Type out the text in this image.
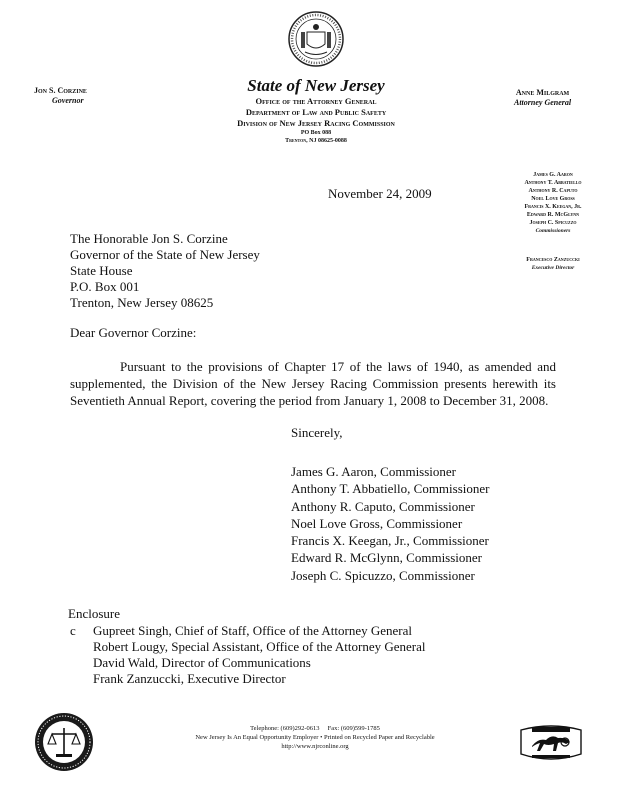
Jon S. Corzine
Governor
Anne Milgram
Attorney General
State of New Jersey
Office of the Attorney General
Department of Law and Public Safety
Division of New Jersey Racing Commission
PO Box 088
Trenton, NJ 08625-0088
James G. Aaron
Anthony T. Abbatiello
Anthony R. Caputo
Noel Love Gross
Francis X. Keegan, Jr.
Edward R. McGlynn
Joseph C. Spicuzzo
Commissioners
Francesco Zanzuccki
Executive Director
November 24, 2009
The Honorable Jon S. Corzine
Governor of the State of New Jersey
State House
P.O. Box 001
Trenton, New Jersey 08625
Dear Governor Corzine:
Pursuant to the provisions of Chapter 17 of the laws of 1940, as amended and supplemented, the Division of the New Jersey Racing Commission presents herewith its Seventieth Annual Report, covering the period from January 1, 2008 to December 31, 2008.
Sincerely,
James G. Aaron, Commissioner
Anthony T. Abbatiello, Commissioner
Anthony R. Caputo, Commissioner
Noel Love Gross, Commissioner
Francis X. Keegan, Jr., Commissioner
Edward R. McGlynn, Commissioner
Joseph C. Spicuzzo, Commissioner
Enclosure
c Gupreet Singh, Chief of Staff, Office of the Attorney General
Robert Lougy, Special Assistant, Office of the Attorney General
David Wald, Director of Communications
Frank Zanzuccki, Executive Director
Telephone: (609)292-0613     Fax: (609)599-1785
New Jersey Is An Equal Opportunity Employer • Printed on Recycled Paper and Recyclable
http://www.njrconline.org
